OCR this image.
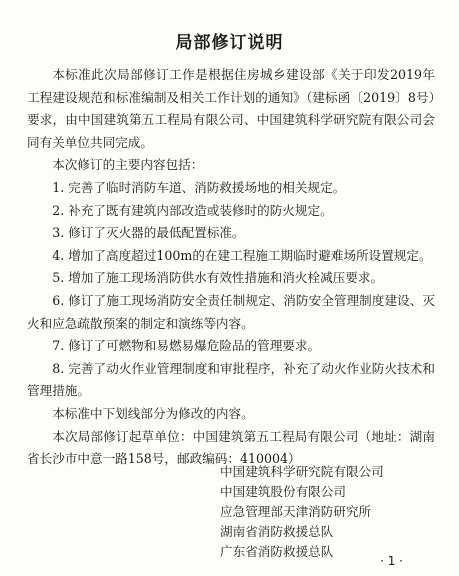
局部修订说明

本标准此次局部修订工作是根据住房城乡建设部《关于印发2019年工程建设规范和标准编制及相关工作计划的通知》（建标函〔2019〕8号）要求，由中国建筑第五工程局有限公司、中国建筑科学研究院有限公司会同有关单位共同完成。

本次修订的主要内容包括：

1. 完善了临时消防车道、消防救援场地的相关规定。

2. 补充了既有建筑内部改造或装修时的防火规定。

3. 修订了灭火器的最低配置标准。

4. 增加了高度超过100m的在建工程施工期临时避难场所设置规定。

5. 增加了施工现场消防供水有效性措施和消火栓减压要求。

6. 修订了施工现场消防安全责任制规定、消防安全管理制度建设、灭火和应急疏散预案的制定和演练等内容。

7. 修订了可燃物和易燃易爆危险品的管理要求。

8. 完善了动火作业管理制度和审批程序，补充了动火作业防火技术和管理措施。

本标准中下划线部分为修改的内容。

本次局部修订起草单位：中国建筑第五工程局有限公司（地址：湖南省长沙市中意一路158号，邮政编码：410004）

中国建筑科学研究院有限公司
中国建筑股份有限公司
应急管理部天津消防研究所
湖南省消防救援总队
广东省消防救援总队
· 1 ·
